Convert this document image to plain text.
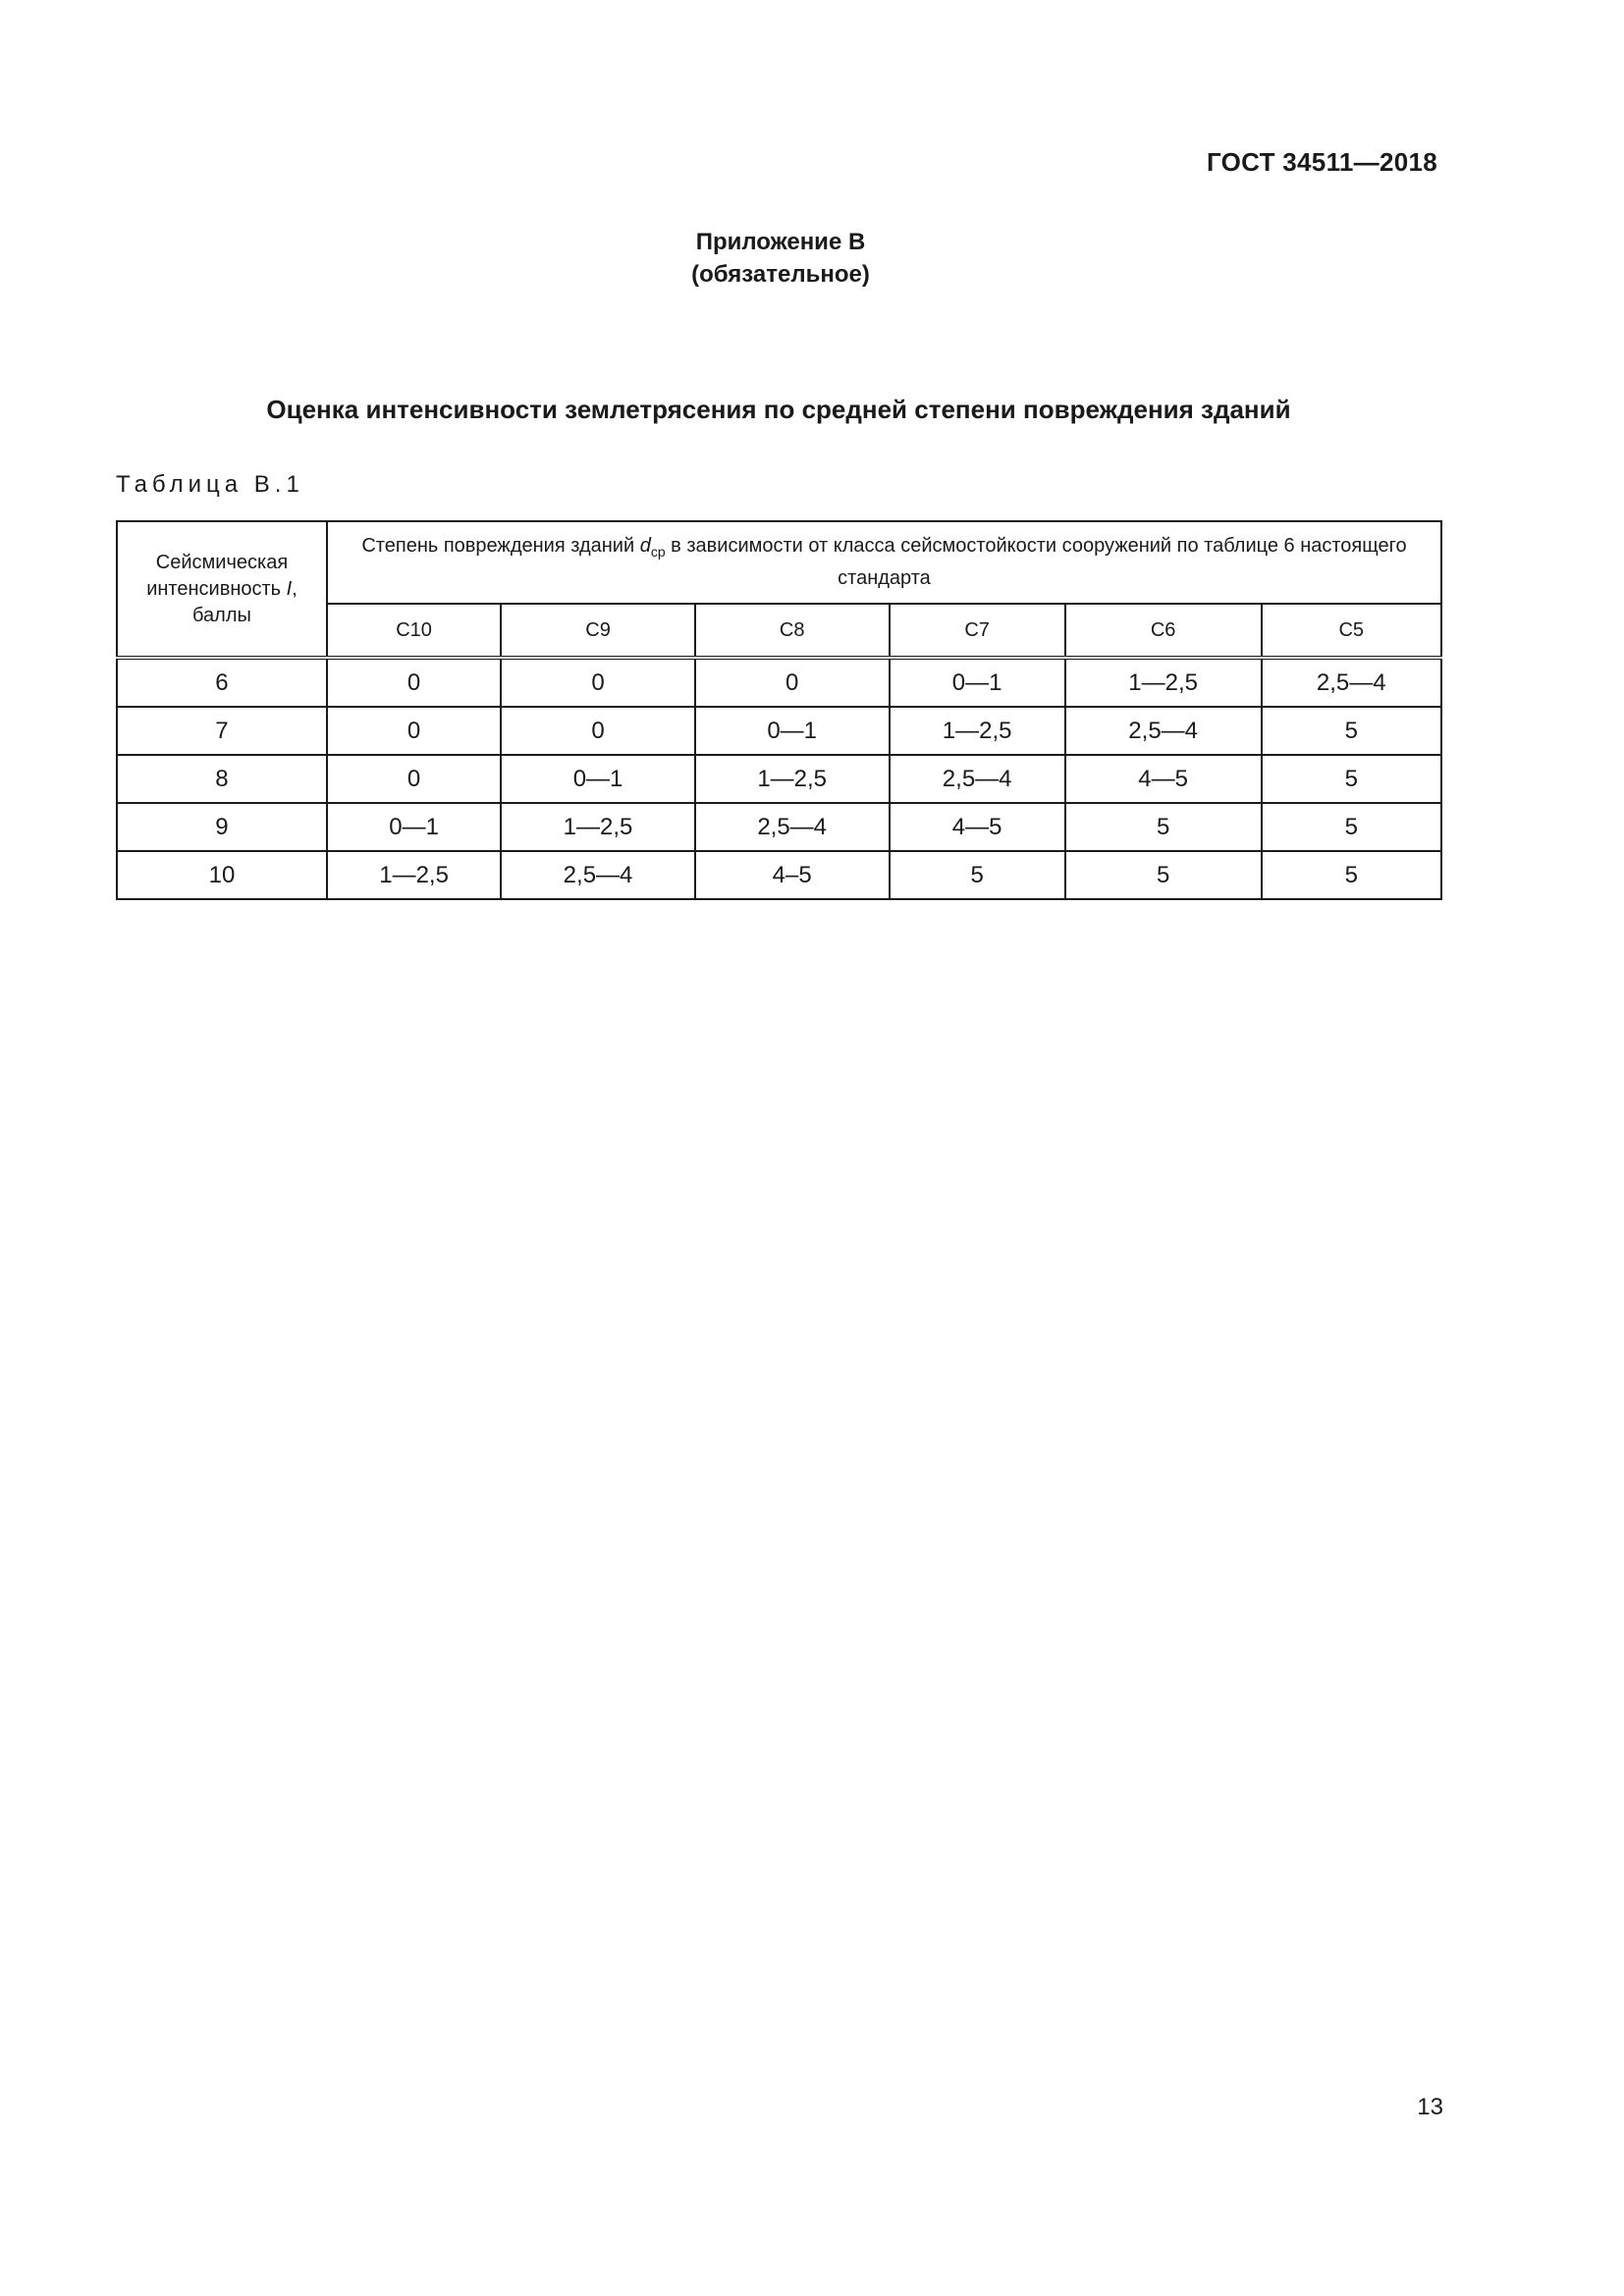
ГОСТ 34511—2018
Приложение В
(обязательное)
Оценка интенсивности землетрясения по средней степени повреждения зданий
Таблица В.1
Сейсмическая
интенсивность I,
баллы	Степень повреждения зданий $d_{ср}$ в зависимости от класса сейсмостойкости сооружений по таблице 6 настоящего стандарта					
	С10	С9	С8	С7	С6	С5
6	0	0	0	0—1	1—2,5	2,5—4
7	0	0	0—1	1—2,5	2,5—4	5
8	0	0—1	1—2,5	2,5—4	4—5	5
9	0—1	1—2,5	2,5—4	4—5	5	5
10	1—2,5	2,5—4	4–5	5	5	5
13
